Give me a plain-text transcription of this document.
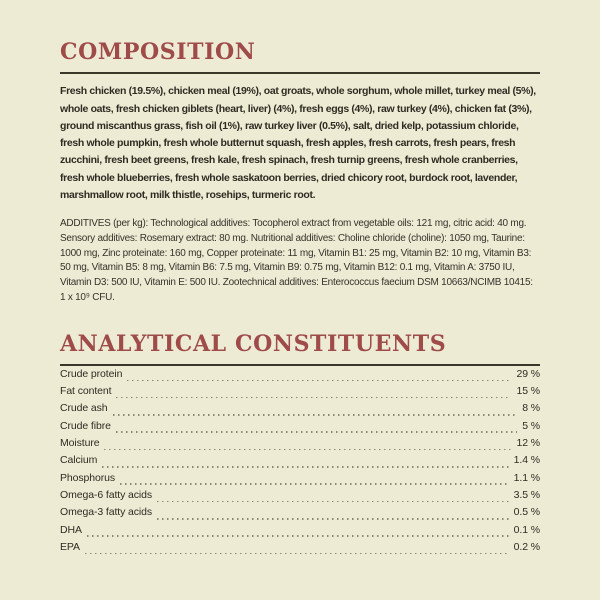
COMPOSITION

Fresh chicken (19.5%), chicken meal (19%), oat groats, whole sorghum, whole millet, turkey meal (5%), whole oats, fresh chicken giblets (heart, liver) (4%), fresh eggs (4%), raw turkey (4%), chicken fat (3%), ground miscanthus grass, fish oil (1%), raw turkey liver (0.5%), salt, dried kelp, potassium chloride, fresh whole pumpkin, fresh whole butternut squash, fresh apples, fresh carrots, fresh pears, fresh zucchini, fresh beet greens, fresh kale, fresh spinach, fresh turnip greens, fresh whole cranberries, fresh whole blueberries, fresh whole saskatoon berries, dried chicory root, burdock root, lavender, marshmallow root, milk thistle, rosehips, turmeric root.

ADDITIVES (per kg): Technological additives: Tocopherol extract from vegetable oils: 121 mg, citric acid: 40 mg. Sensory additives: Rosemary extract: 80 mg. Nutritional additives: Choline chloride (choline): 1050 mg, Taurine: 1000 mg, Zinc proteinate: 160 mg, Copper proteinate: 11 mg, Vitamin B1: 25 mg, Vitamin B2: 10 mg, Vitamin B3: 50 mg, Vitamin B5: 8 mg, Vitamin B6: 7.5 mg, Vitamin B9: 0.75 mg, Vitamin B12: 0.1 mg, Vitamin A: 3750 IU, Vitamin D3: 500 IU, Vitamin E: 500 IU. Zootechnical additives: Enterococcus faecium DSM 10663/NCIMB 10415: 1 x 10⁹ CFU.

ANALYTICAL CONSTITUENTS
Crude protein	29 %
Fat content	15 %
Crude ash	8 %
Crude fibre	5 %
Moisture	12 %
Calcium	1.4 %
Phosphorus	1.1 %
Omega-6 fatty acids	3.5 %
Omega-3 fatty acids	0.5 %
DHA	0.1 %
EPA	0.2 %
